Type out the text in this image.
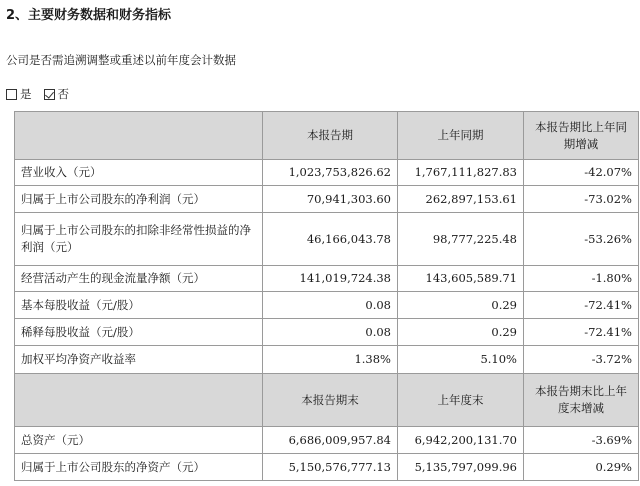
2、主要财务数据和财务指标
公司是否需追溯调整或重述以前年度会计数据
是 否
	本报告期	上年同期	本报告期比上年同期增减
营业收入（元）	1,023,753,826.62	1,767,111,827.83	-42.07%
归属于上市公司股东的净利润（元）	70,941,303.60	262,897,153.61	-73.02%
归属于上市公司股东的扣除非经常性损益的净利润（元）	46,166,043.78	98,777,225.48	-53.26%
经营活动产生的现金流量净额（元）	141,019,724.38	143,605,589.71	-1.80%
基本每股收益（元/股）	0.08	0.29	-72.41%
稀释每股收益（元/股）	0.08	0.29	-72.41%
加权平均净资产收益率	1.38%	5.10%	-3.72%
	本报告期末	上年度末	本报告期末比上年度末增减
总资产（元）	6,686,009,957.84	6,942,200,131.70	-3.69%
归属于上市公司股东的净资产（元）	5,150,576,777.13	5,135,797,099.96	0.29%
